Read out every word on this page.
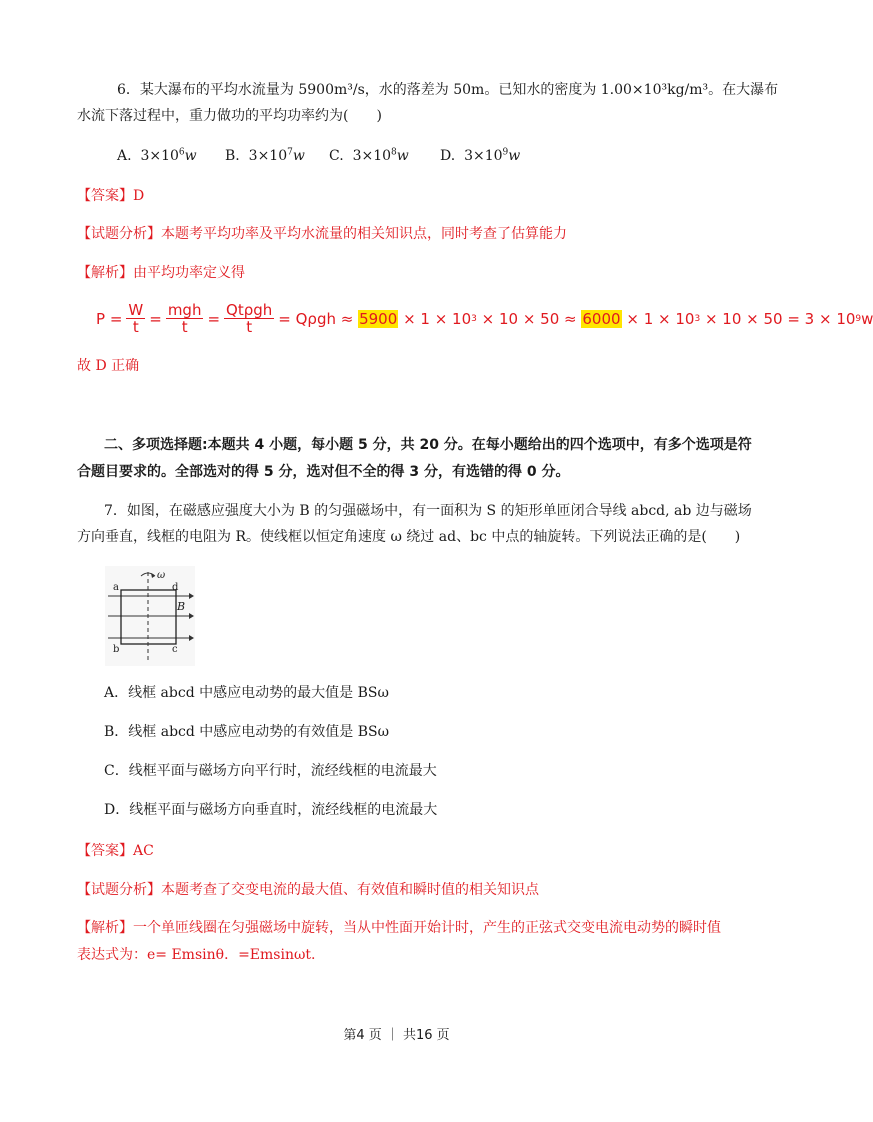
6．某大瀑布的平均水流量为 5900m³/s，水的落差为 50m。已知水的密度为 1.00×10³kg/m³。在大瀑布
水流下落过程中，重力做功的平均功率约为(　　)
A. $3\times 10^6w$ B. $3\times 10^7w$ C. $3\times 10^8w$ D. $3\times 10^9w$
【答案】D
【试题分析】本题考平均功率及平均水流量的相关知识点，同时考查了估算能力
【解析】由平均功率定义得
$P = \frac{W}{t} = \frac{\text{mgh}}{t} = \frac{\text{Qtρgh}}{t} = Q\rho gh$ ≈
5900
× 1 × 10 3
× 10 × 50 ≈
6000
× 1 × 10 3
× 10 × 50 = 3 × 10 9 w
故 D 正确
二、多项选择题:本题共 4 小题，每小题 5 分，共 20 分。在每小题给出的四个选项中，有多个选项是符
合题目要求的。全部选对的得 5 分，选对但不全的得 3 分，有选错的得 0 分。
7．如图，在磁感应强度大小为 B 的匀强磁场中，有一面积为 S 的矩形单匝闭合导线 abcd, ab 边与磁场
方向垂直，线框的电阻为 R。使线框以恒定角速度 ω 绕过 ad、bc 中点的轴旋转。下列说法正确的是(　　)
a	d
b	c
ω
B
A．线框 abcd 中感应电动势的最大值是 BSω
B．线框 abcd 中感应电动势的有效值是 BSω
C．线框平面与磁场方向平行时，流经线框的电流最大
D．线框平面与磁场方向垂直时，流经线框的电流最大
【答案】AC
【试题分析】本题考查了交变电流的最大值、有效值和瞬时值的相关知识点
【解析】一个单匝线圈在匀强磁场中旋转，当从中性面开始计时，产生的正弦式交变电流电动势的瞬时值
表达式为：e= Emsinθ．=Emsinωt.
第4 页 ｜ 共16 页
